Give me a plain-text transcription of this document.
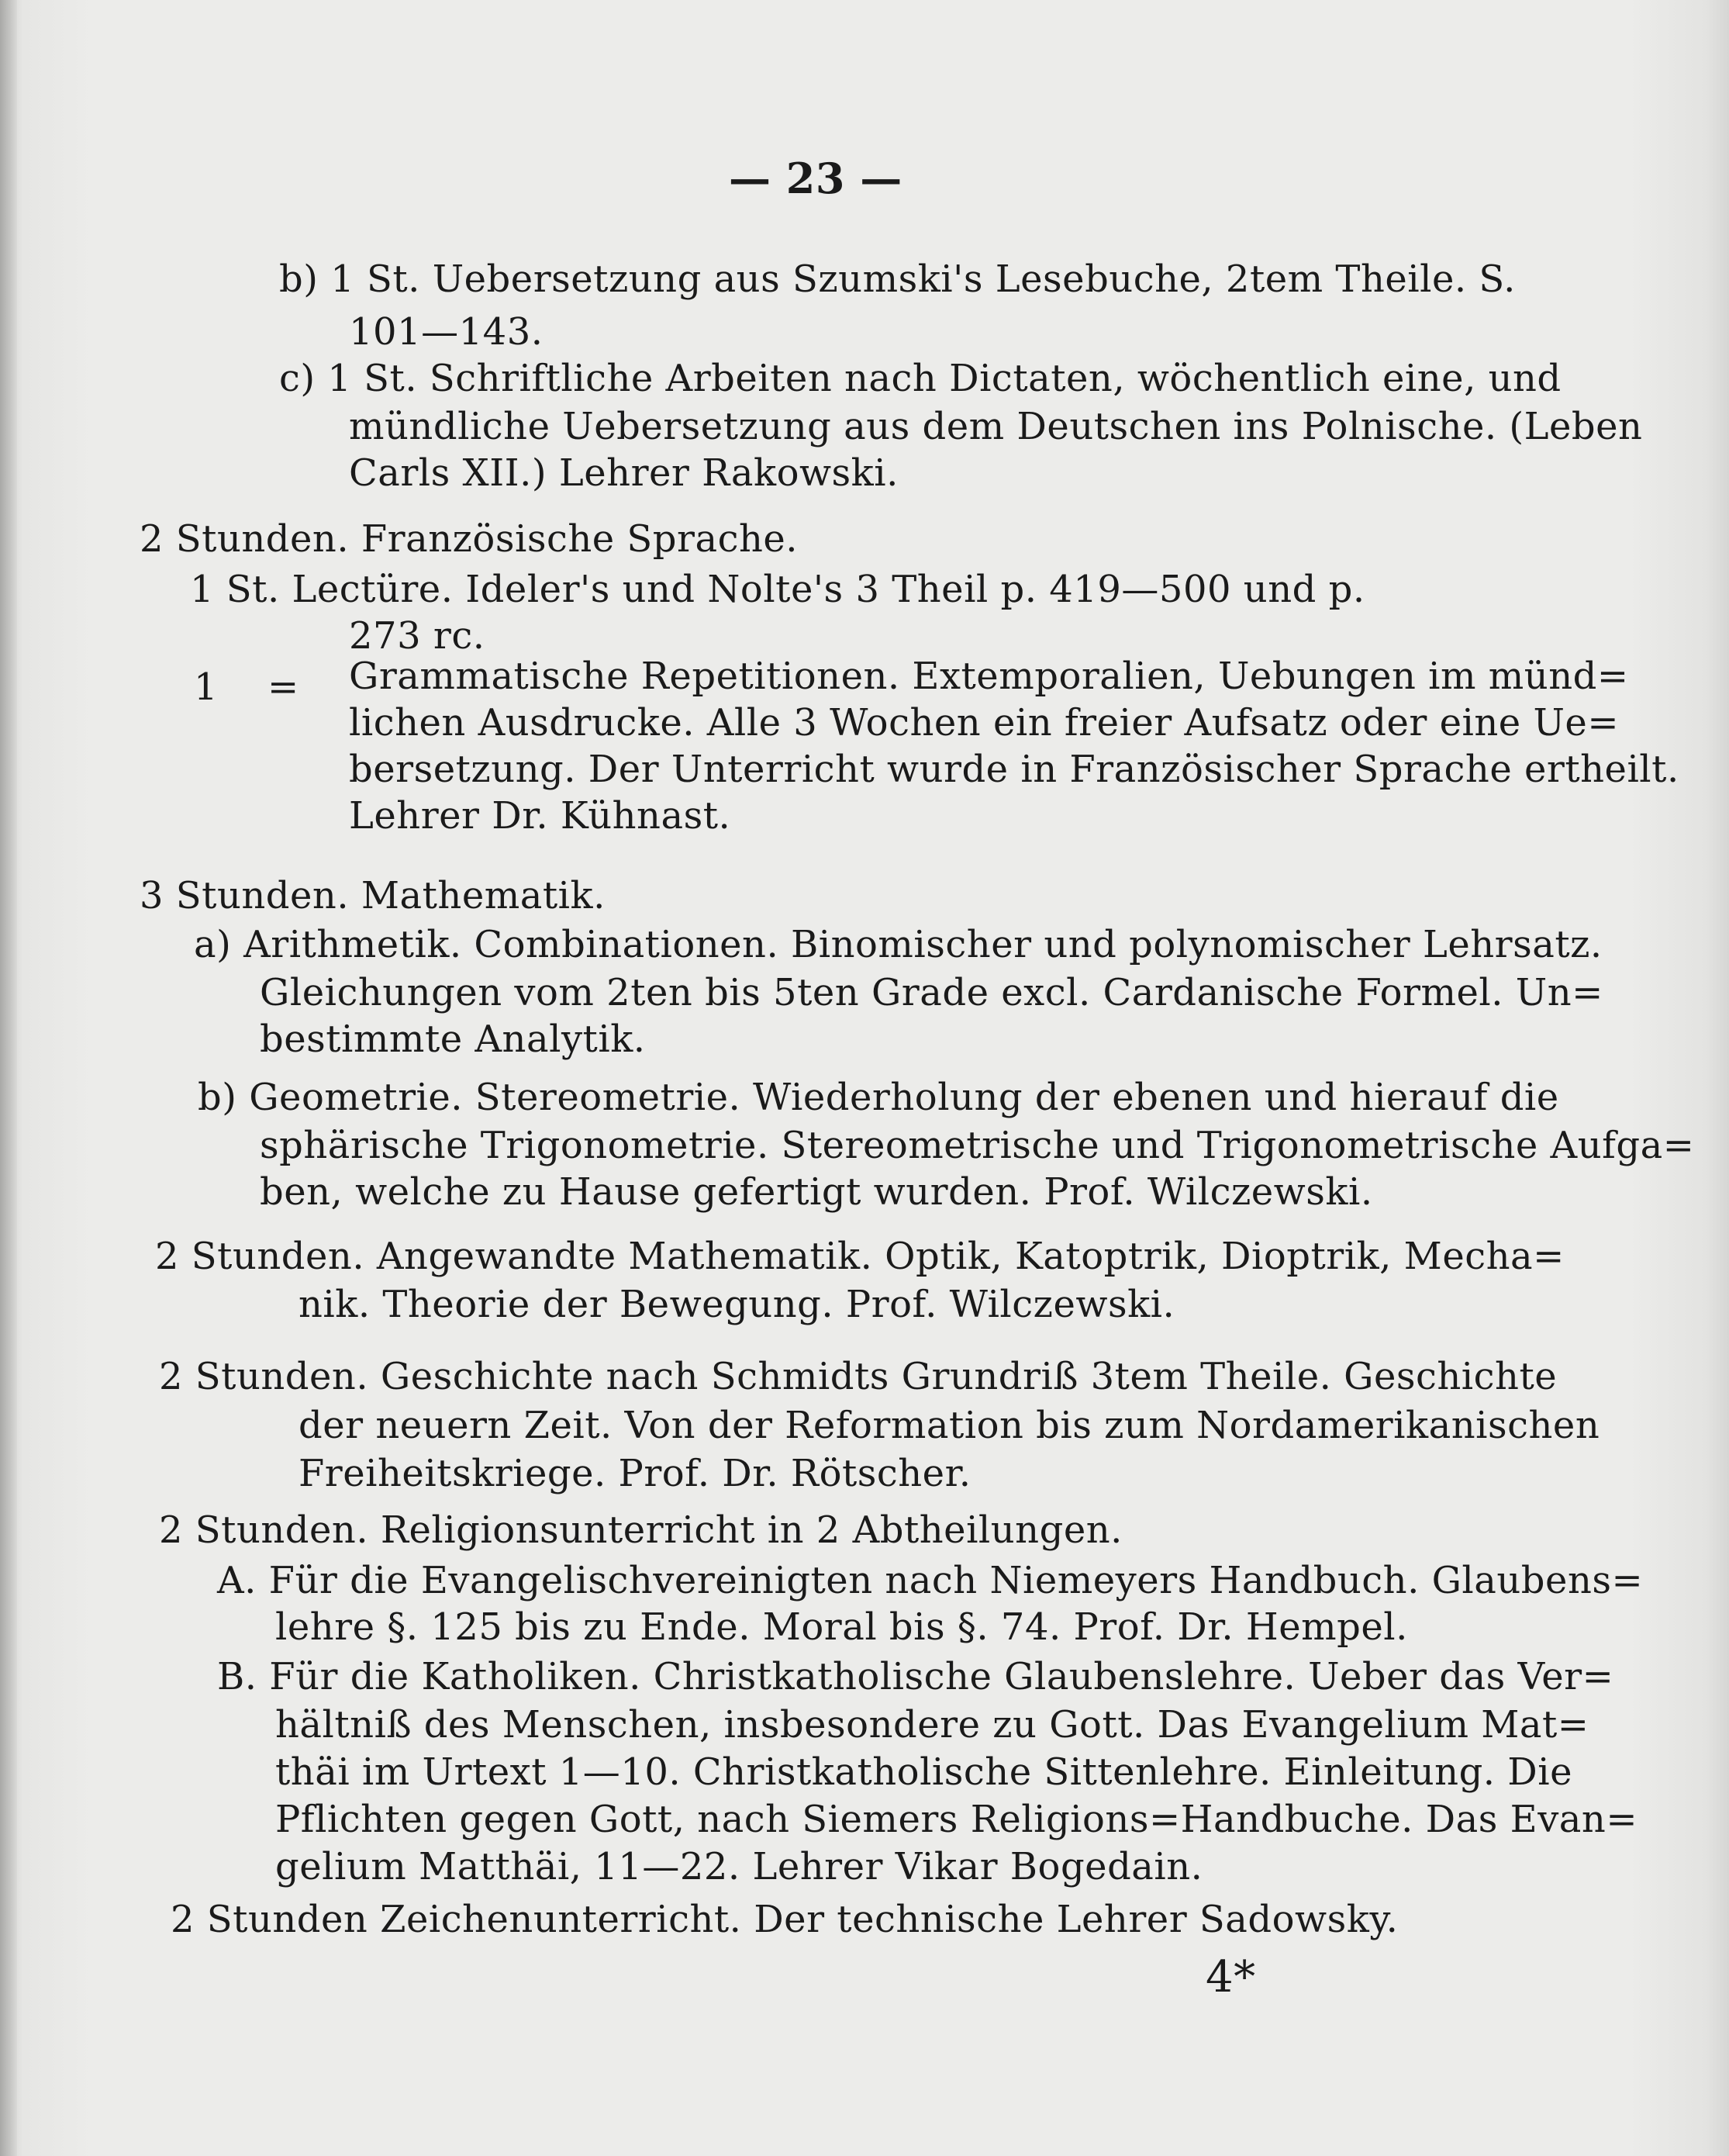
— 23 —
b) 1 St. Uebersetzung aus Szumski's Lesebuche, 2tem Theile. S.
101—143.
c) 1 St. Schriftliche Arbeiten nach Dictaten, wöchentlich eine, und
mündliche Uebersetzung aus dem Deutschen ins Polnische. (Leben
Carls XII.) Lehrer Rakowski.
2 Stunden. Französische Sprache.
1 St. Lectüre. Ideler's und Nolte's 3 Theil p. 419—500 und p.
273 rc.
1 = Grammatische Repetitionen. Extemporalien, Uebungen im münd=
lichen Ausdrucke. Alle 3 Wochen ein freier Aufsatz oder eine Ue=
bersetzung. Der Unterricht wurde in Französischer Sprache ertheilt.
Lehrer Dr. Kühnast.
3 Stunden. Mathematik.
a) Arithmetik. Combinationen. Binomischer und polynomischer Lehrsatz.
Gleichungen vom 2ten bis 5ten Grade excl. Cardanische Formel. Un=
bestimmte Analytik.
b) Geometrie. Stereometrie. Wiederholung der ebenen und hierauf die
sphärische Trigonometrie. Stereometrische und Trigonometrische Aufga=
ben, welche zu Hause gefertigt wurden. Prof. Wilczewski.
2 Stunden. Angewandte Mathematik. Optik, Katoptrik, Dioptrik, Mecha=
nik. Theorie der Bewegung. Prof. Wilczewski.
2 Stunden. Geschichte nach Schmidts Grundriß 3tem Theile. Geschichte
der neuern Zeit. Von der Reformation bis zum Nordamerikanischen
Freiheitskriege. Prof. Dr. Rötscher.
2 Stunden. Religionsunterricht in 2 Abtheilungen.
A. Für die Evangelischvereinigten nach Niemeyers Handbuch. Glaubens=
lehre §. 125 bis zu Ende. Moral bis §. 74. Prof. Dr. Hempel.
B. Für die Katholiken. Christkatholische Glaubenslehre. Ueber das Ver=
hältniß des Menschen, insbesondere zu Gott. Das Evangelium Mat=
thäi im Urtext 1—10. Christkatholische Sittenlehre. Einleitung. Die
Pflichten gegen Gott, nach Siemers Religions=Handbuche. Das Evan=
gelium Matthäi, 11—22. Lehrer Vikar Bogedain.
2 Stunden Zeichenunterricht. Der technische Lehrer Sadowsky.
4*
